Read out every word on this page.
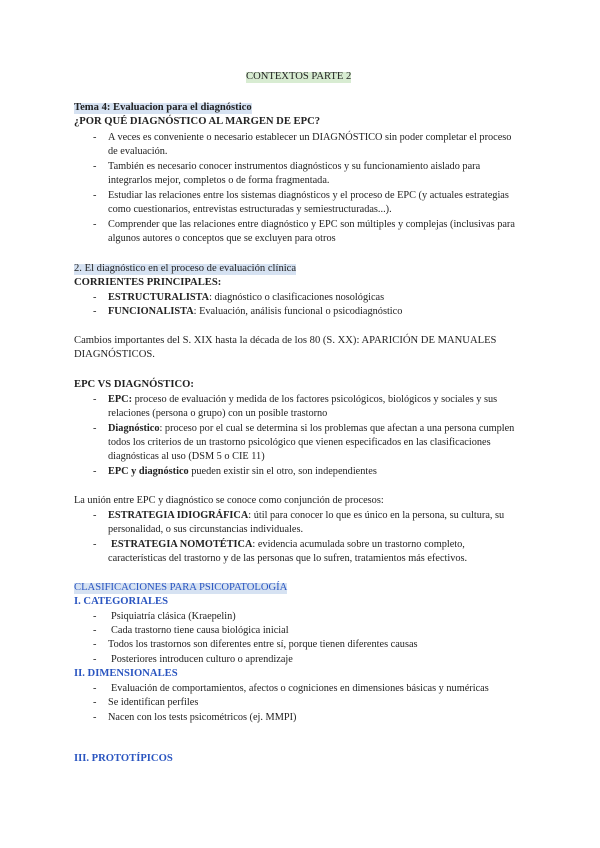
CONTEXTOS PARTE 2
Tema 4: Evaluacion para el diagnóstico
¿POR QUÉ DIAGNÓSTICO AL MARGEN DE EPC?
- A veces es conveniente o necesario establecer un DIAGNÓSTICO sin poder completar el proceso
de evaluación.
- También es necesario conocer instrumentos diagnósticos y su funcionamiento aislado para
integrarlos mejor, completos o de forma fragmentada.
- Estudiar las relaciones entre los sistemas diagnósticos y el proceso de EPC (y actuales estrategias
como cuestionarios, entrevistas estructuradas y semiestructuradas...).
- Comprender que las relaciones entre diagnóstico y EPC son múltiples y complejas (inclusivas para
algunos autores o conceptos que se excluyen para otros
2. El diagnóstico en el proceso de evaluación clínica
CORRIENTES PRINCIPALES:
- ESTRUCTURALISTA: diagnóstico o clasificaciones nosológicas
- FUNCIONALISTA: Evaluación, análisis funcional o psicodiagnóstico
Cambios importantes del S. XIX hasta la década de los 80 (S. XX): APARICIÓN DE MANUALES
DIAGNÓSTICOS.
EPC VS DIAGNÓSTICO:
- EPC: proceso de evaluación y medida de los factores psicológicos, biológicos y sociales y sus
relaciones (persona o grupo) con un posible trastorno
- Diagnóstico: proceso por el cual se determina si los problemas que afectan a una persona cumplen
todos los criterios de un trastorno psicológico que vienen especificados en las clasificaciones
diagnósticas al uso (DSM 5 o CIE 11)
- EPC y diagnóstico pueden existir sin el otro, son independientes
La unión entre EPC y diagnóstico se conoce como conjunción de procesos:
- ESTRATEGIA IDIOGRÁFICA: útil para conocer lo que es único en la persona, su cultura, su
personalidad, o sus circunstancias individuales.
- ESTRATEGIA NOMOTÉTICA: evidencia acumulada sobre un trastorno completo,
características del trastorno y de las personas que lo sufren, tratamientos más efectivos.
CLASIFICACIONES PARA PSICOPATOLOGÍA
I. CATEGORIALES
- Psiquiatría clásica (Kraepelin)
- Cada trastorno tiene causa biológica inicial
- Todos los trastornos son diferentes entre sí, porque tienen diferentes causas
- Posteriores introducen culturo o aprendizaje
II. DIMENSIONALES
- Evaluación de comportamientos, afectos o cogniciones en dimensiones básicas y numéricas
- Se identifican perfiles
- Nacen con los tests psicométricos (ej. MMPI)
III. PROTOTÍPICOS
